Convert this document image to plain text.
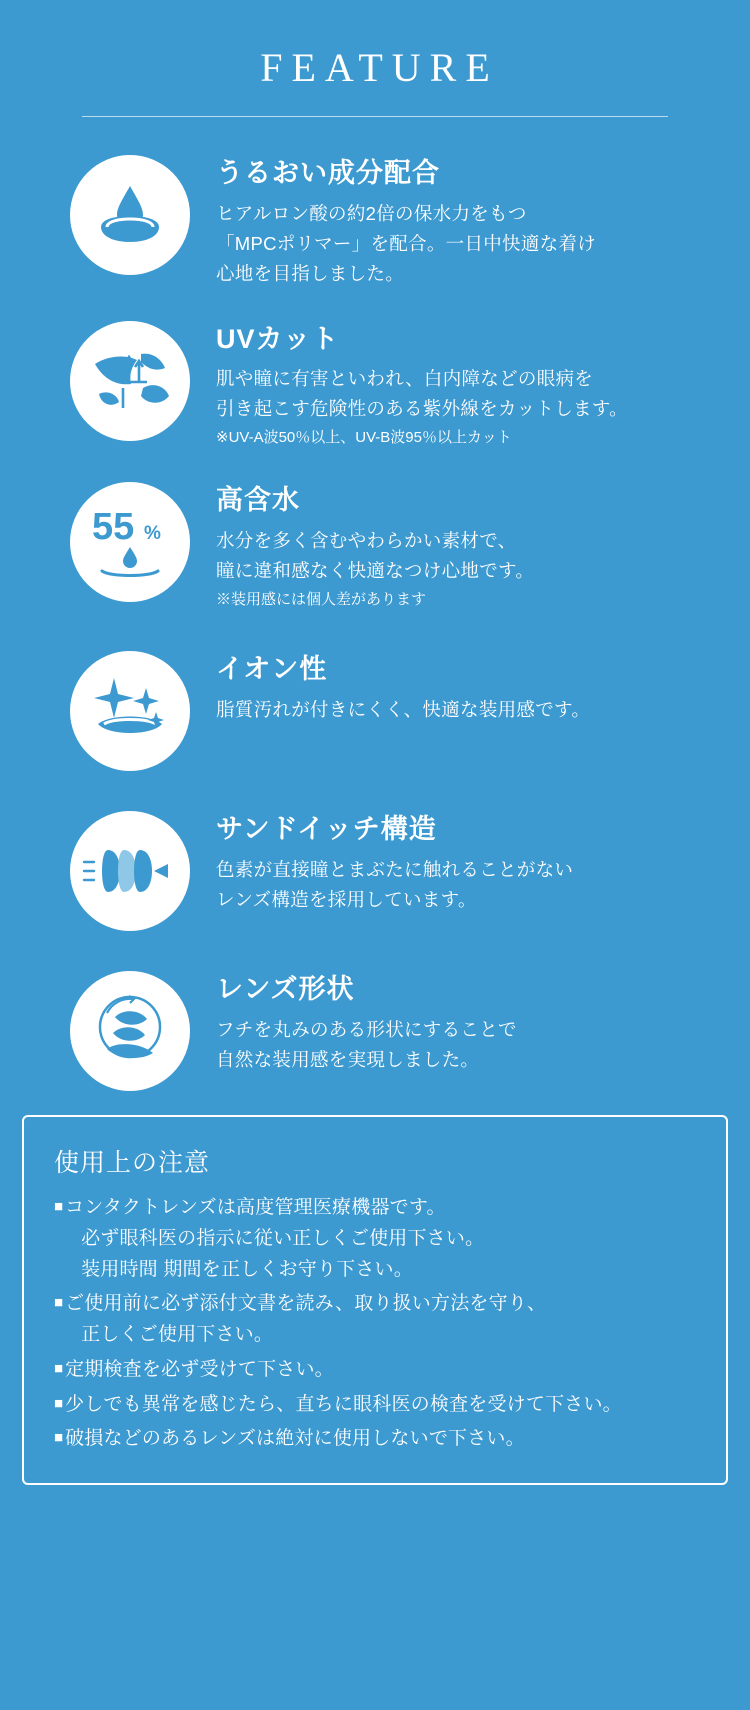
FEATURE
うるおい成分配合
ヒアルロン酸の約2倍の保水力をもつ
「MPCポリマー」を配合。一日中快適な着け
心地を目指しました。
UVカット
肌や瞳に有害といわれ、白内障などの眼病を
引き起こす危険性のある紫外線をカットします。
※UV-A波50％以上、UV-B波95％以上カット
55 %
高含水
水分を多く含むやわらかい素材で、
瞳に違和感なく快適なつけ心地です。
※装用感には個人差があります
イオン性
脂質汚れが付きにくく、快適な装用感です。
サンドイッチ構造
色素が直接瞳とまぶたに触れることがない
レンズ構造を採用しています。
レンズ形状
フチを丸みのある形状にすることで
自然な装用感を実現しました。
使用上の注意
■ コンタクトレンズは高度管理医療機器です。
必ず眼科医の指示に従い正しくご使用下さい。
装用時間 期間を正しくお守り下さい。
■ ご使用前に必ず添付文書を読み、取り扱い方法を守り、
正しくご使用下さい。
■ 定期検査を必ず受けて下さい。
■ 少しでも異常を感じたら、直ちに眼科医の検査を受けて下さい。
■ 破損などのあるレンズは絶対に使用しないで下さい。
